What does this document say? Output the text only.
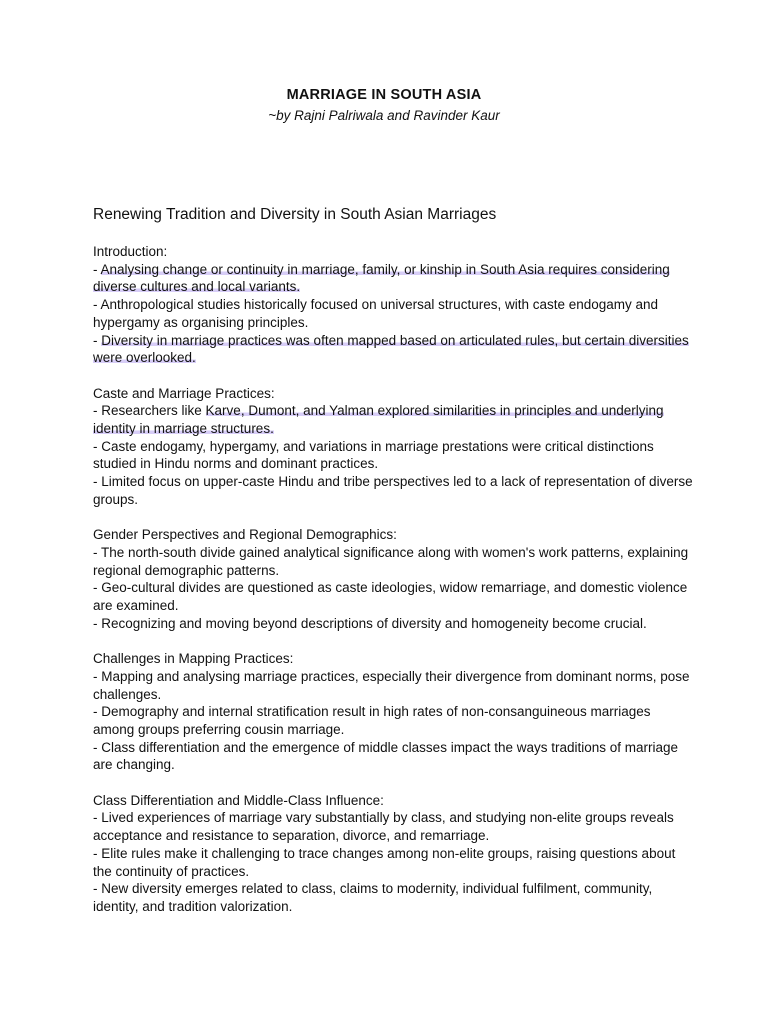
MARRIAGE IN SOUTH ASIA
~by Rajni Palriwala and Ravinder Kaur
Renewing Tradition and Diversity in South Asian Marriages
Introduction:
- Analysing change or continuity in marriage, family, or kinship in South Asia requires considering diverse cultures and local variants.
- Anthropological studies historically focused on universal structures, with caste endogamy and hypergamy as organising principles.
- Diversity in marriage practices was often mapped based on articulated rules, but certain diversities were overlooked.
Caste and Marriage Practices:
- Researchers like Karve, Dumont, and Yalman explored similarities in principles and underlying identity in marriage structures.
- Caste endogamy, hypergamy, and variations in marriage prestations were critical distinctions studied in Hindu norms and dominant practices.
- Limited focus on upper-caste Hindu and tribe perspectives led to a lack of representation of diverse groups.
Gender Perspectives and Regional Demographics:
- The north-south divide gained analytical significance along with women's work patterns, explaining regional demographic patterns.
- Geo-cultural divides are questioned as caste ideologies, widow remarriage, and domestic violence are examined.
- Recognizing and moving beyond descriptions of diversity and homogeneity become crucial.
Challenges in Mapping Practices:
- Mapping and analysing marriage practices, especially their divergence from dominant norms, pose challenges.
- Demography and internal stratification result in high rates of non-consanguineous marriages among groups preferring cousin marriage.
- Class differentiation and the emergence of middle classes impact the ways traditions of marriage are changing.
Class Differentiation and Middle-Class Influence:
- Lived experiences of marriage vary substantially by class, and studying non-elite groups reveals acceptance and resistance to separation, divorce, and remarriage.
- Elite rules make it challenging to trace changes among non-elite groups, raising questions about the continuity of practices.
- New diversity emerges related to class, claims to modernity, individual fulfilment, community, identity, and tradition valorization.
